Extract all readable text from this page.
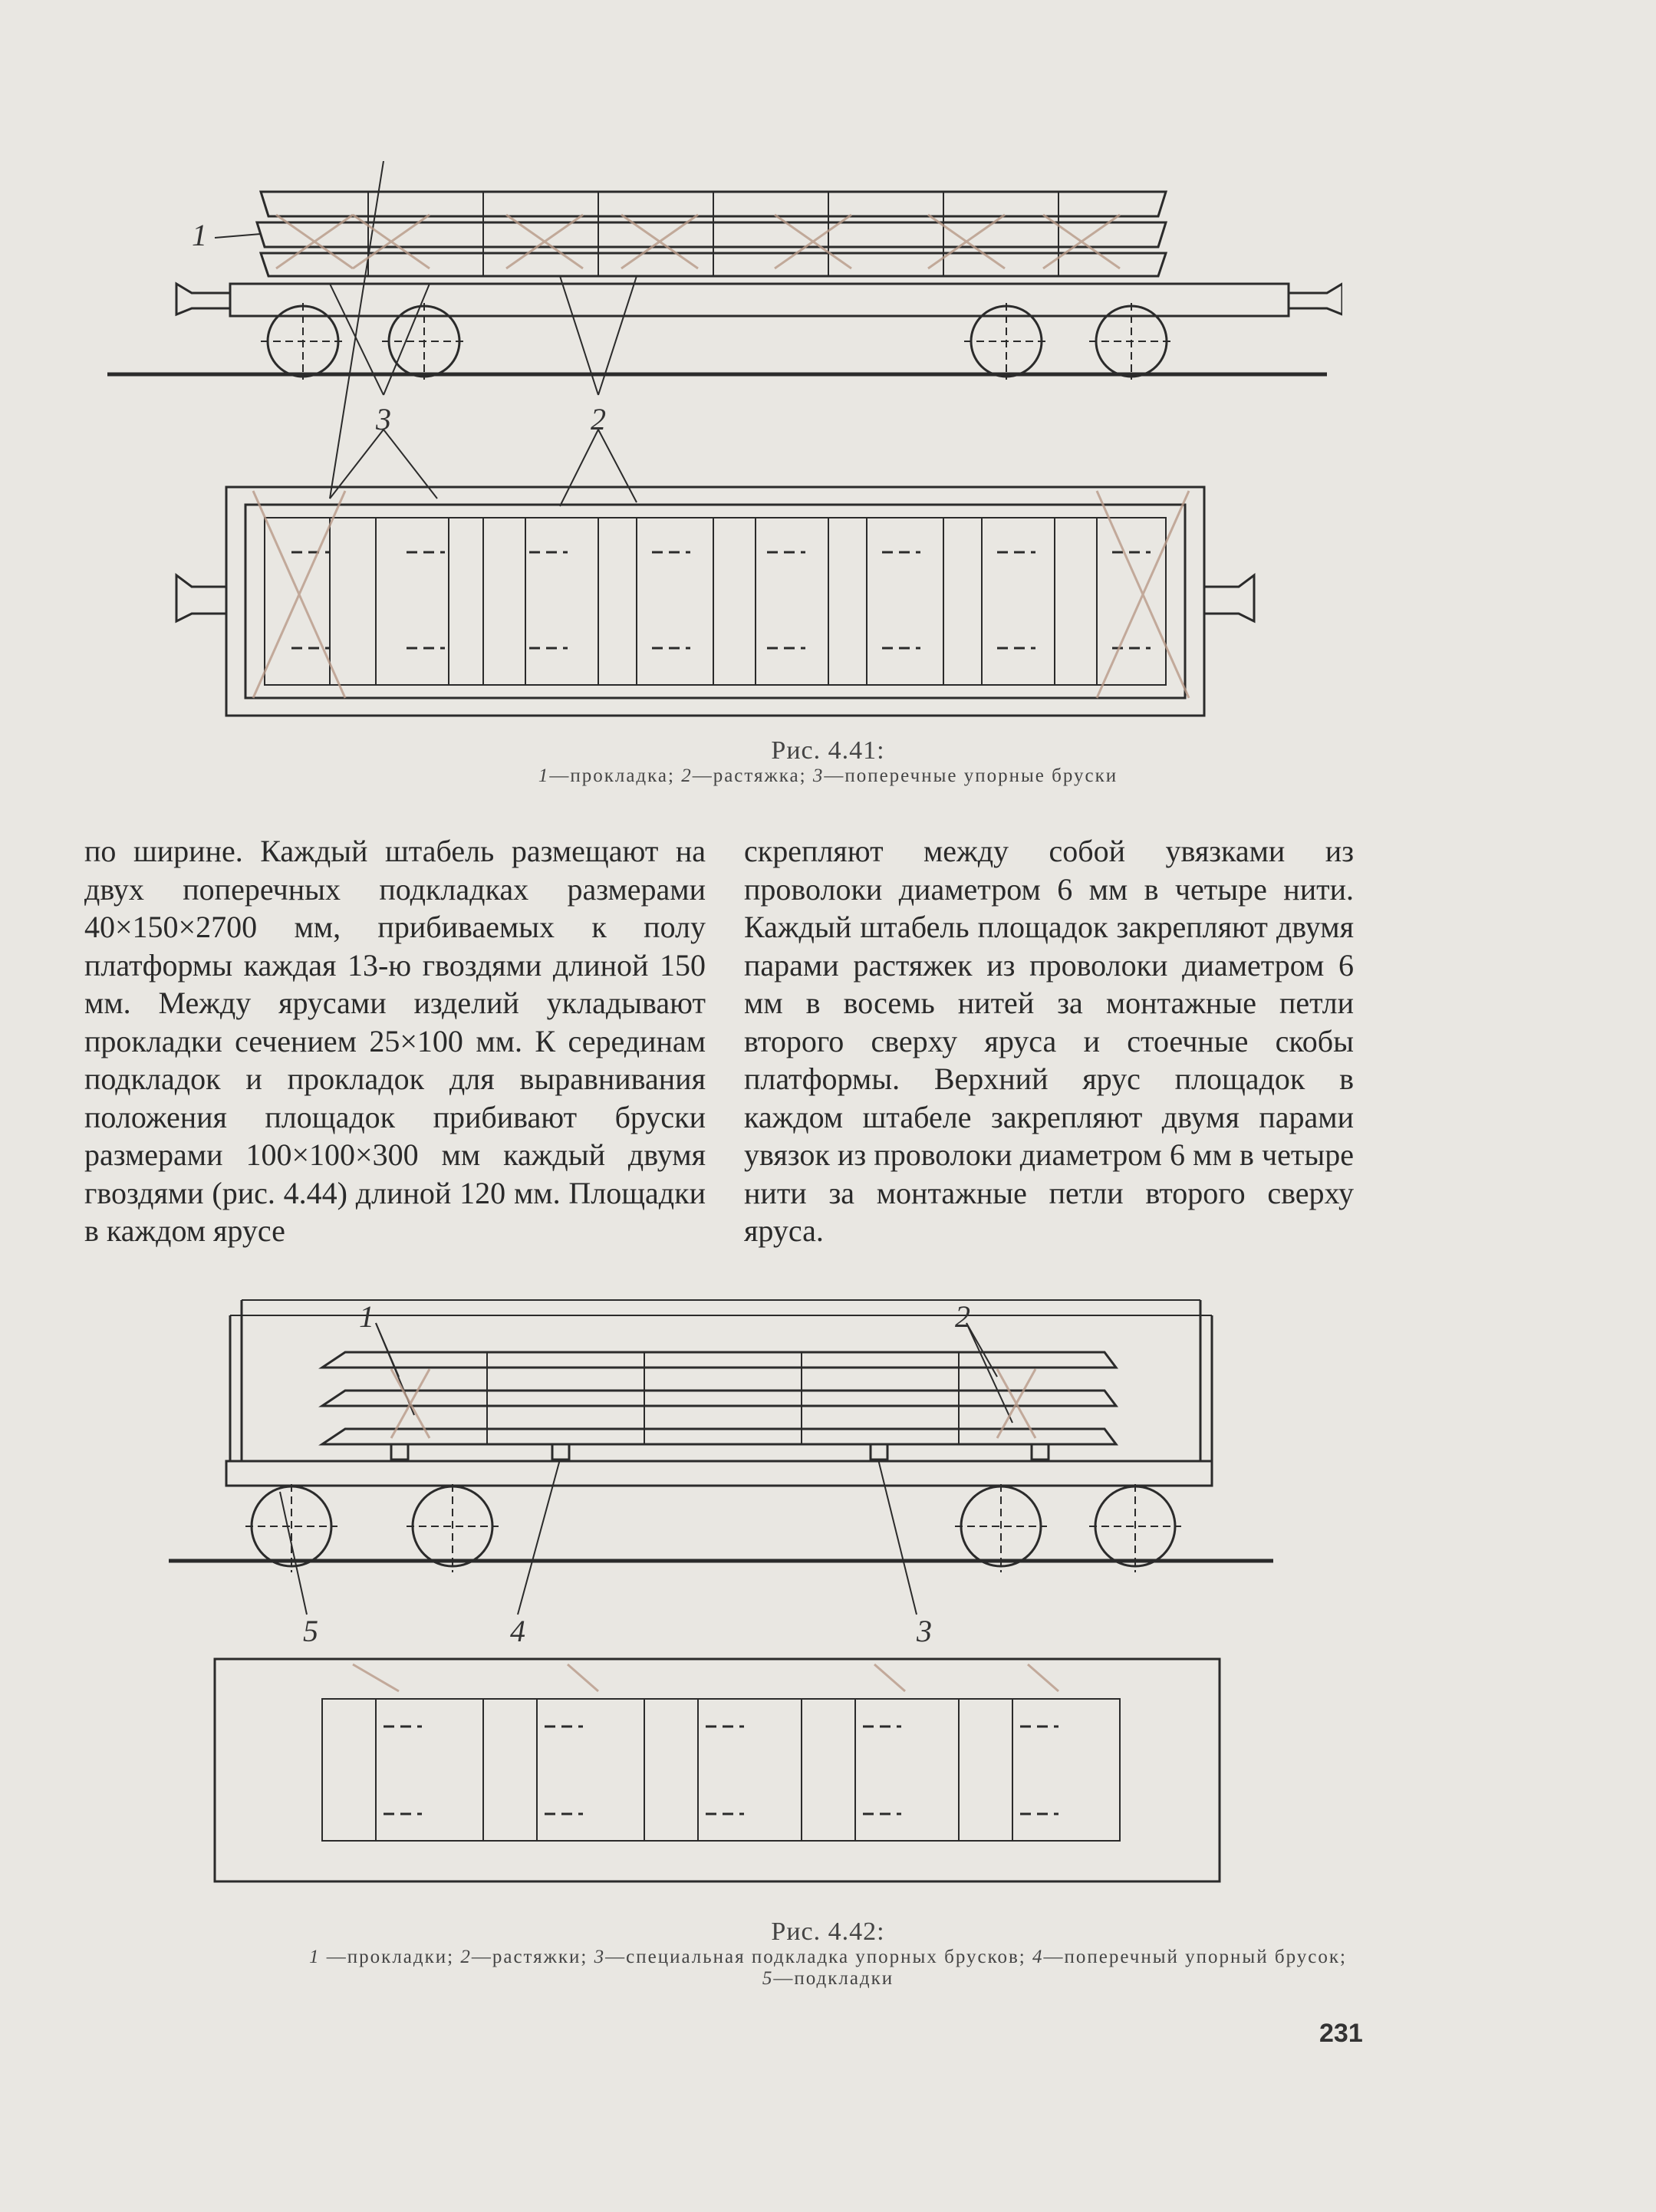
1
2
3
Рис. 4.41:
1—прокладка; 2—растяжка; 3—поперечные упорные бруски
по ширине. Каждый штабель размещают на двух поперечных подкладках размерами 40×150×2700 мм, прибиваемых к полу платформы каждая 13-ю гвоздями длиной 150 мм. Между ярусами изделий укладывают прокладки сечением 25×100 мм. К серединам подкладок и прокладок для выравнивания положения площадок прибивают бруски размерами 100×100×300 мм каждый двумя гвоздями (рис. 4.44) длиной 120 мм. Площадки в каждом ярусе
скрепляют между собой увязками из проволоки диаметром 6 мм в четыре нити. Каждый штабель площадок закрепляют двумя парами растяжек из проволоки диаметром 6 мм в восемь нитей за монтажные петли второго сверху яруса и стоечные скобы платформы. Верхний ярус площадок в каждом штабеле закрепляют двумя парами увязок из проволоки диаметром 6 мм в четыре нити за монтажные петли второго сверху яруса.
1	2
5	4	3
Рис. 4.42:
1 —прокладки; 2—растяжки; 3—специальная подкладка упорных брусков; 4—поперечный упорный брусок;
5—подкладки
231
